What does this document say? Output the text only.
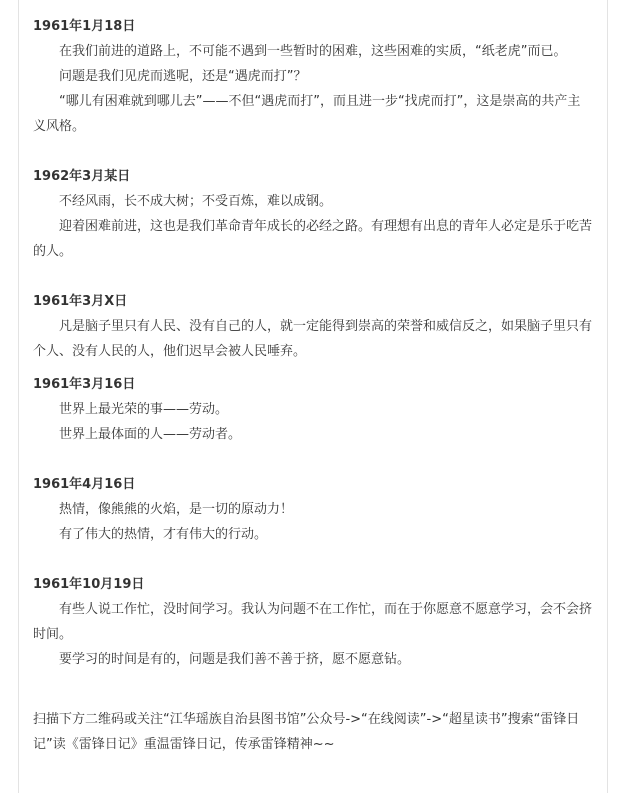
1961年1月18日

在我们前进的道路上，不可能不遇到一些暂时的困难，这些困难的实质，“纸老虎”而已。

问题是我们见虎而逃呢，还是“遇虎而打”？

“哪儿有困难就到哪儿去”——不但“遇虎而打”，而且进一步“找虎而打”，这是崇高的共产主义风格。

1962年3月某日

不经风雨，长不成大树；不受百炼，难以成钢。

迎着困难前进，这也是我们革命青年成长的必经之路。有理想有出息的青年人必定是乐于吃苦的人。

1961年3月X日

凡是脑子里只有人民、没有自己的人，就一定能得到崇高的荣誉和威信反之，如果脑子里只有个人、没有人民的人，他们迟早会被人民唾弃。

1961年3月16日

世界上最光荣的事——劳动。

世界上最体面的人——劳动者。

1961年4月16日

热情，像熊熊的火焰，是一切的原动力！

有了伟大的热情，才有伟大的行动。

1961年10月19日

有些人说工作忙，没时间学习。我认为问题不在工作忙，而在于你愿意不愿意学习，会不会挤时间。

要学习的时间是有的，问题是我们善不善于挤，愿不愿意钻。

扫描下方二维码或关注“江华瑶族自治县图书馆”公众号->“在线阅读”->“超星读书”搜索“雷锋日记”读《雷锋日记》重温雷锋日记，传承雷锋精神~~
